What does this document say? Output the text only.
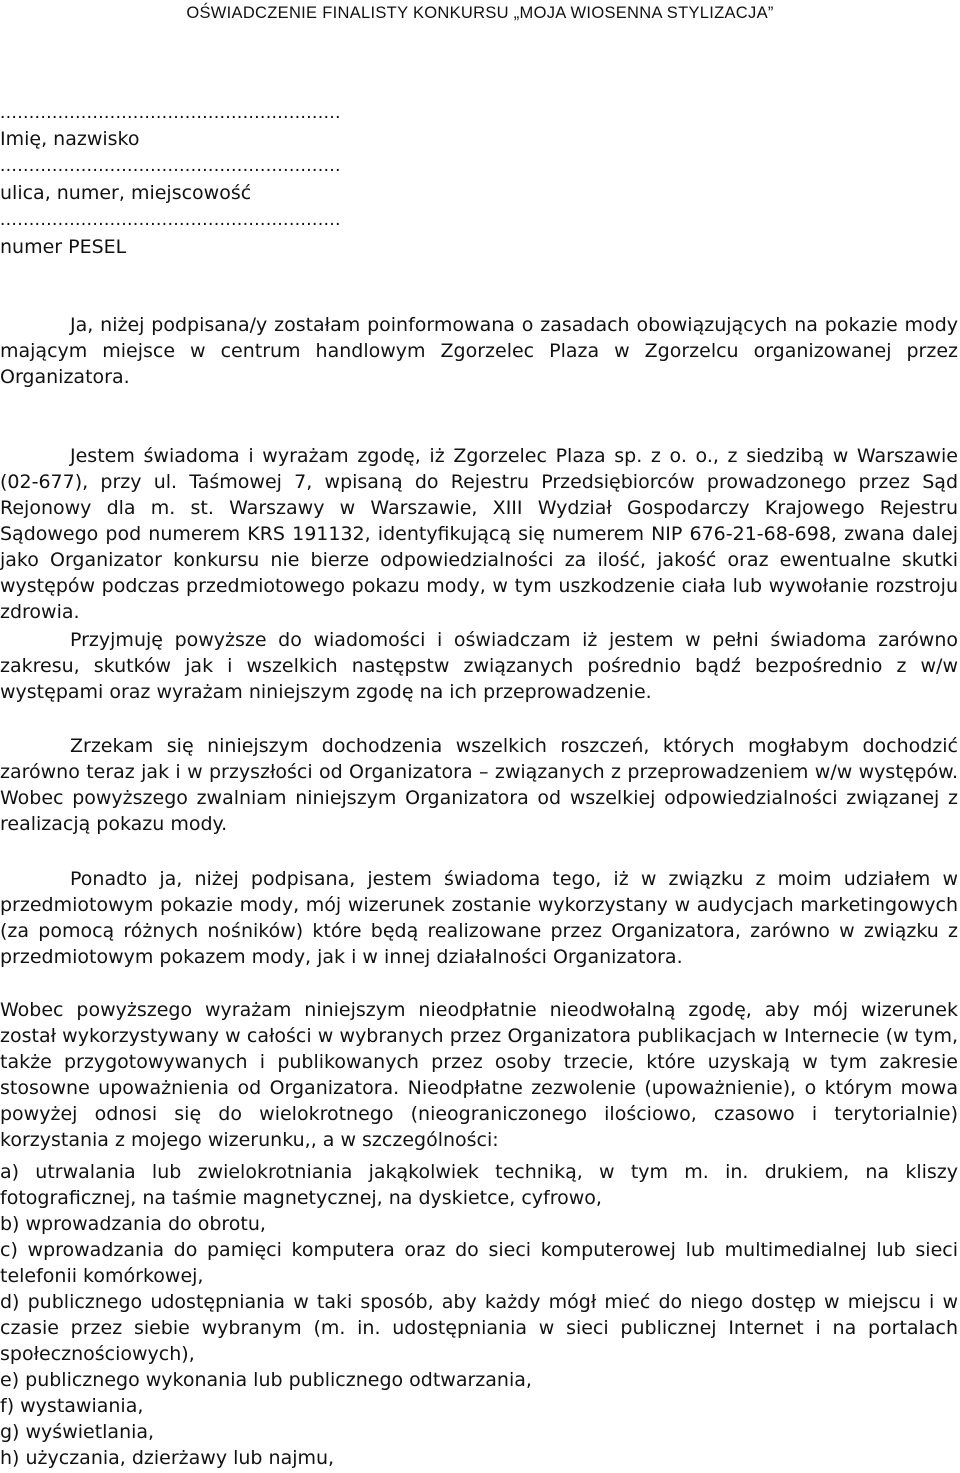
OŚWIADCZENIE FINALISTY KONKURSU „MOJA WIOSENNA STYLIZACJA”
...........................................................
Imię, nazwisko
...........................................................
ulica, numer, miejscowość
...........................................................
numer PESEL

Ja, niżej podpisana/y zostałam poinformowana o zasadach obowiązujących na pokazie mody mającym miejsce w centrum handlowym Zgorzelec Plaza w Zgorzelcu organizowanej przez Organizatora.

Jestem świadoma i wyrażam zgodę, iż Zgorzelec Plaza sp. z o. o., z siedzibą w Warszawie (02-677), przy ul. Taśmowej 7, wpisaną do Rejestru Przedsiębiorców prowadzonego przez Sąd Rejonowy dla m. st. Warszawy w Warszawie, XIII Wydział Gospodarczy Krajowego Rejestru Sądowego pod numerem KRS 191132, identyfikującą się numerem NIP 676-21-68-698, zwana dalej jako Organizator konkursu nie bierze odpowiedzialności za ilość, jakość oraz ewentualne skutki występów podczas przedmiotowego pokazu mody, w tym uszkodzenie ciała lub wywołanie rozstroju zdrowia.

Przyjmuję powyższe do wiadomości i oświadczam iż jestem w pełni świadoma zarówno zakresu, skutków jak i wszelkich następstw związanych pośrednio bądź bezpośrednio z w/w występami oraz wyrażam niniejszym zgodę na ich przeprowadzenie.

Zrzekam się niniejszym dochodzenia wszelkich roszczeń, których mogłabym dochodzić zarówno teraz jak i w przyszłości od Organizatora – związanych z przeprowadzeniem w/w występów. Wobec powyższego zwalniam niniejszym Organizatora od wszelkiej odpowiedzialności związanej z realizacją pokazu mody.

Ponadto ja, niżej podpisana, jestem świadoma tego, iż w związku z moim udziałem w przedmiotowym pokazie mody, mój wizerunek zostanie wykorzystany w audycjach marketingowych (za pomocą różnych nośników) które będą realizowane przez Organizatora, zarówno w związku z przedmiotowym pokazem mody, jak i w innej działalności Organizatora.

Wobec powyższego wyrażam niniejszym nieodpłatnie nieodwołalną zgodę, aby mój wizerunek został wykorzystywany w całości w wybranych przez Organizatora publikacjach w Internecie (w tym, także przygotowywanych i publikowanych przez osoby trzecie, które uzyskają w tym zakresie stosowne upoważnienia od Organizatora. Nieodpłatne zezwolenie (upoważnienie), o którym mowa powyżej odnosi się do wielokrotnego (nieograniczonego ilościowo, czasowo i terytorialnie) korzystania z mojego wizerunku,, a w szczególności:

a) utrwalania lub zwielokrotniania jakąkolwiek techniką, w tym m. in. drukiem, na kliszy fotograficznej, na taśmie magnetycznej, na dyskietce, cyfrowo,
b) wprowadzania do obrotu,
c) wprowadzania do pamięci komputera oraz do sieci komputerowej lub multimedialnej lub sieci telefonii komórkowej,
d) publicznego udostępniania w taki sposób, aby każdy mógł mieć do niego dostęp w miejscu i w czasie przez siebie wybranym (m. in. udostępniania w sieci publicznej Internet i na portalach społecznościowych),
e) publicznego wykonania lub publicznego odtwarzania,
f) wystawiania,
g) wyświetlania,
h) użyczania, dzierżawy lub najmu,
